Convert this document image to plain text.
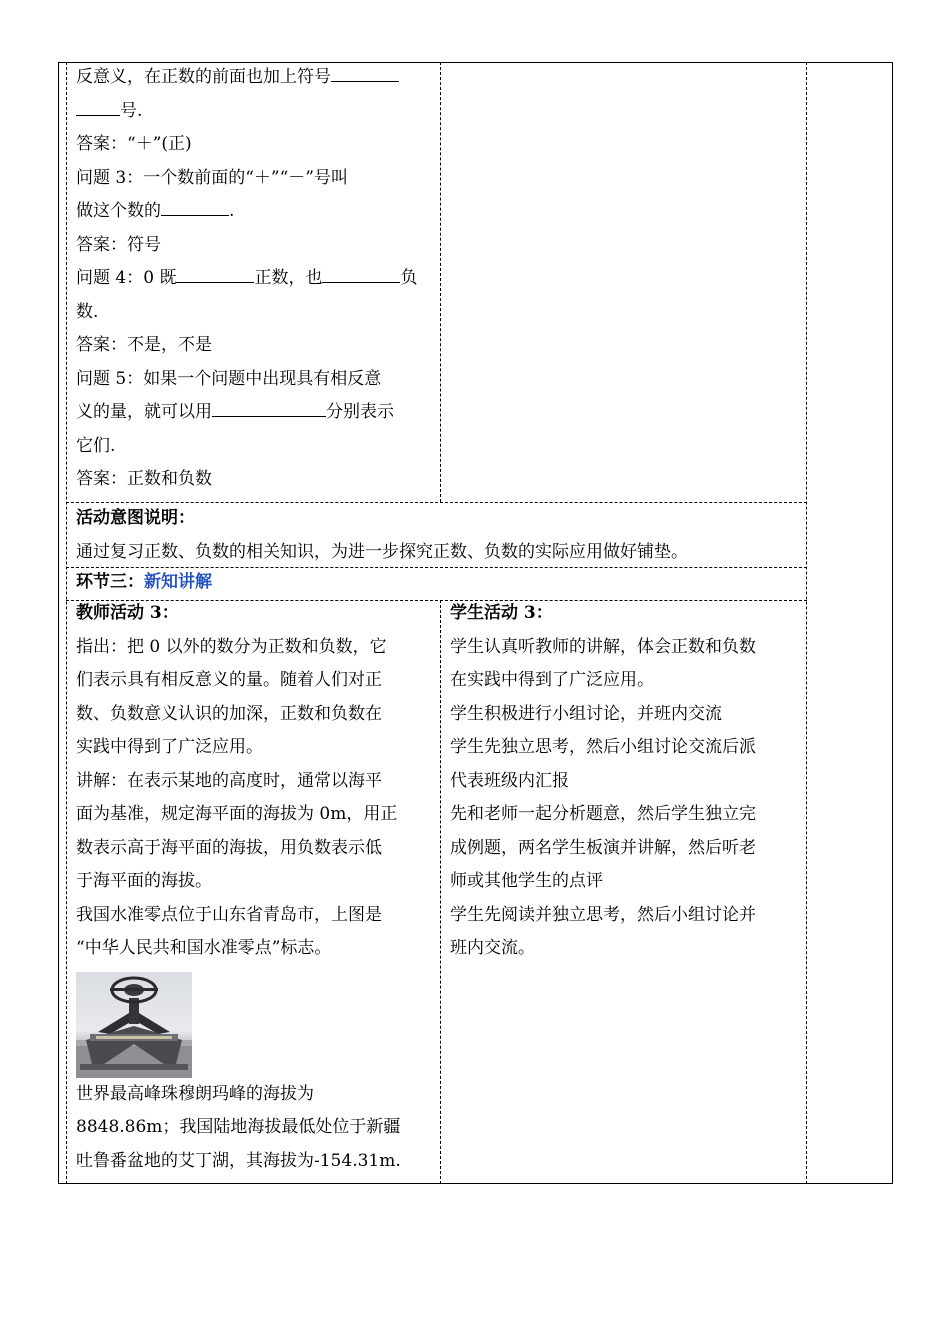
反意义，在正数的前面也加上符号

号.

答案：“＋”(正)

问题 3：一个数前面的“＋”“－”号叫

做这个数的	.

答案：符号

问题 4：0 既	正数，也	负

数.

答案：不是，不是

问题 5：如果一个问题中出现具有相反意

义的量，就可以用	分别表示

它们.

答案：正数和负数

活动意图说明：

通过复习正数、负数的相关知识，为进一步探究正数、负数的实际应用做好铺垫。

环节三：新知讲解

教师活动 3：

指出：把 0 以外的数分为正数和负数，它

们表示具有相反意义的量。随着人们对正

数、负数意义认识的加深，正数和负数在

实践中得到了广泛应用。

讲解：在表示某地的高度时，通常以海平

面为基准，规定海平面的海拔为 0m，用正

数表示高于海平面的海拔，用负数表示低

于海平面的海拔。

我国水准零点位于山东省青岛市，上图是

“中华人民共和国水准零点”标志。

世界最高峰珠穆朗玛峰的海拔为

8848.86m；我国陆地海拔最低处位于新疆

吐鲁番盆地的艾丁湖，其海拔为-154.31m.

学生活动 3：

学生认真听教师的讲解，体会正数和负数

在实践中得到了广泛应用。

学生积极进行小组讨论，并班内交流

学生先独立思考，然后小组讨论交流后派

代表班级内汇报

先和老师一起分析题意，然后学生独立完

成例题，两名学生板演并讲解，然后听老

师或其他学生的点评

学生先阅读并独立思考，然后小组讨论并

班内交流。
